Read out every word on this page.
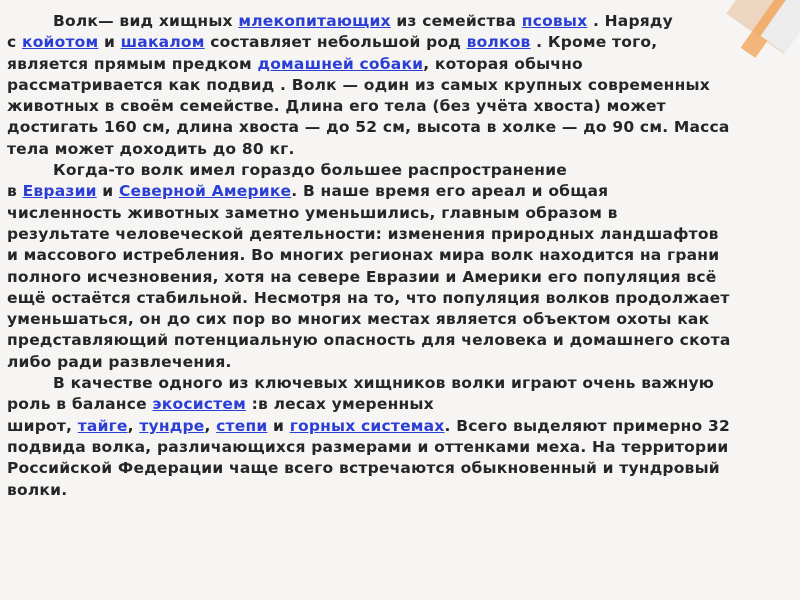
Волк— вид хищных млекопитающих из семейства псовых . Наряду
с койотом и шакалом составляет небольшой род волков . Кроме того,
является прямым предком домашней собаки, которая обычно
рассматривается как подвид . Волк — один из самых крупных современных
животных в своём семействе. Длина его тела (без учёта хвоста) может
достигать 160 см, длина хвоста — до 52 см, высота в холке — до 90 см. Масса
тела может доходить до 80 кг.
Когда-то волк имел гораздо большее распространение
в Евразии и Северной Америке. В наше время его ареал и общая
численность животных заметно уменьшились, главным образом в
результате человеческой деятельности: изменения природных ландшафтов
и массового истребления. Во многих регионах мира волк находится на грани
полного исчезновения, хотя на севере Евразии и Америки его популяция всё
ещё остаётся стабильной. Несмотря на то, что популяция волков продолжает
уменьшаться, он до сих пор во многих местах является объектом охоты как
представляющий потенциальную опасность для человека и домашнего скота
либо ради развлечения.
В качестве одного из ключевых хищников волки играют очень важную
роль в балансе экосистем :в лесах умеренных
широт, тайге, тундре, степи и горных системах. Всего выделяют примерно 32
подвида волка, различающихся размерами и оттенками меха. На территории
Российской Федерации чаще всего встречаются обыкновенный и тундровый
волки.
